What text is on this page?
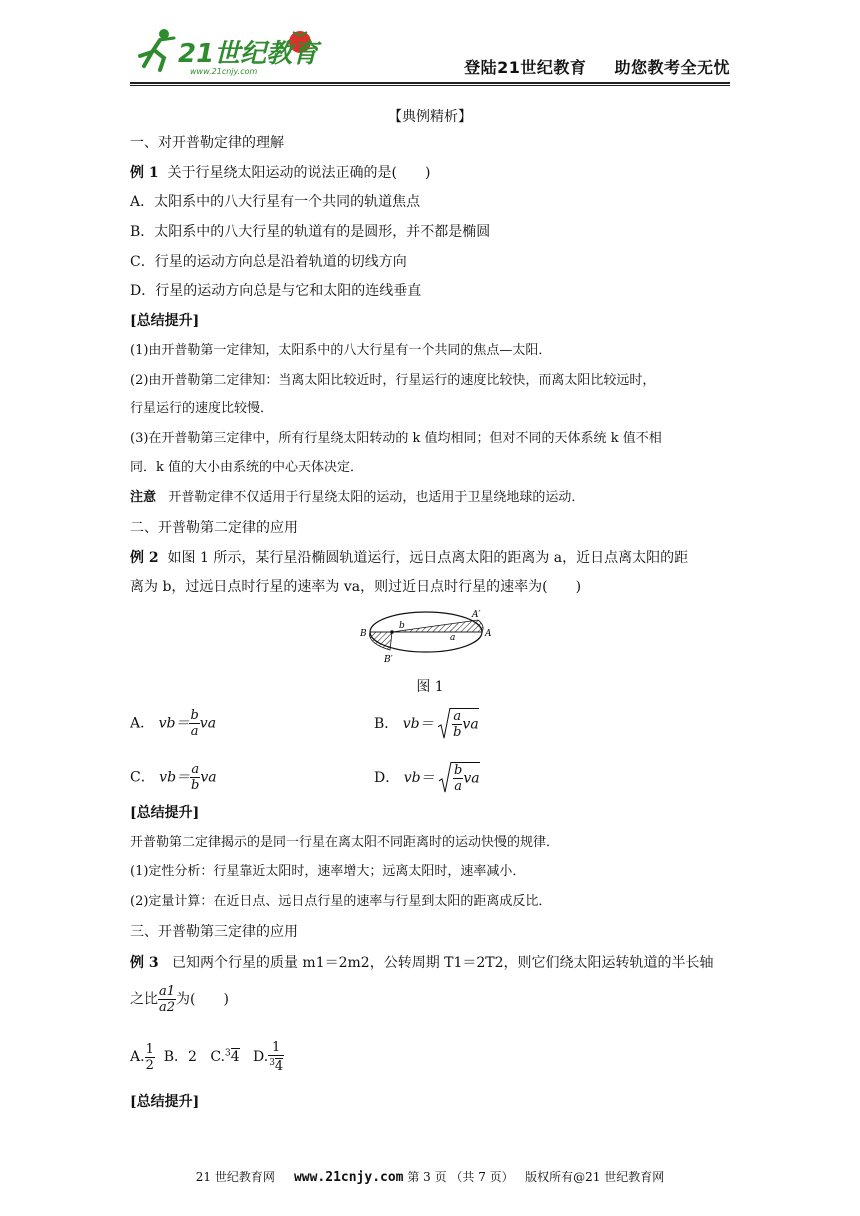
21世纪教育
www.21cnjy.com	登陆21世纪教育 助您教考全无忧
【典例精析】
一、对开普勒定律的理解
例 1 关于行星绕太阳运动的说法正确的是(　　)
A．太阳系中的八大行星有一个共同的轨道焦点
B．太阳系中的八大行星的轨道有的是圆形，并不都是椭圆
C．行星的运动方向总是沿着轨道的切线方向
D．行星的运动方向总是与它和太阳的连线垂直
[总结提升]
(1)由开普勒第一定律知，太阳系中的八大行星有一个共同的焦点—太阳．
(2)由开普勒第二定律知：当离太阳比较近时，行星运行的速度比较快，而离太阳比较远时，
行星运行的速度比较慢．
(3)在开普勒第三定律中，所有行星绕太阳转动的 k 值均相同；但对不同的天体系统 k 值不相
同．k 值的大小由系统的中心天体决定．
注意 开普勒定律不仅适用于行星绕太阳的运动，也适用于卫星绕地球的运动．
二、开普勒第二定律的应用
例 2 如图 1 所示，某行星沿椭圆轨道运行，远日点离太阳的距离为 a，近日点离太阳的距
离为 b，过远日点时行星的速率为 va，则过近日点时行星的速率为(　　)
B	A
A′
B′
b
a
图 1
A． $vb= \frac{b}{a}$ va	B． $vb= \frac{a}{b}$ va
C． $vb= \frac{a}{b}$ va	D． $vb= \frac{b}{a}$ va
[总结提升]
开普勒第二定律揭示的是同一行星在离太阳不同距离时的运动快慢的规律．
(1)定性分析：行星靠近太阳时，速率增大；远离太阳时，速率减小．
(2)定量计算：在近日点、远日点行星的速率与行星到太阳的距离成反比．
三、开普勒第三定律的应用
例 3 已知两个行星的质量 m1＝2m2，公转周期 T1＝2T2，则它们绕太阳运转轨道的半长轴
之比 $\frac{a1}{a2}$ 为(　　)
A. $\frac{1}{2}$ B．2 C.$^3$4 D. $\frac{1}{^34}$
[总结提升]
21 世纪教育网 www.21cnjy.com 第 3 页 （共 7 页） 版权所有@21 世纪教育网
